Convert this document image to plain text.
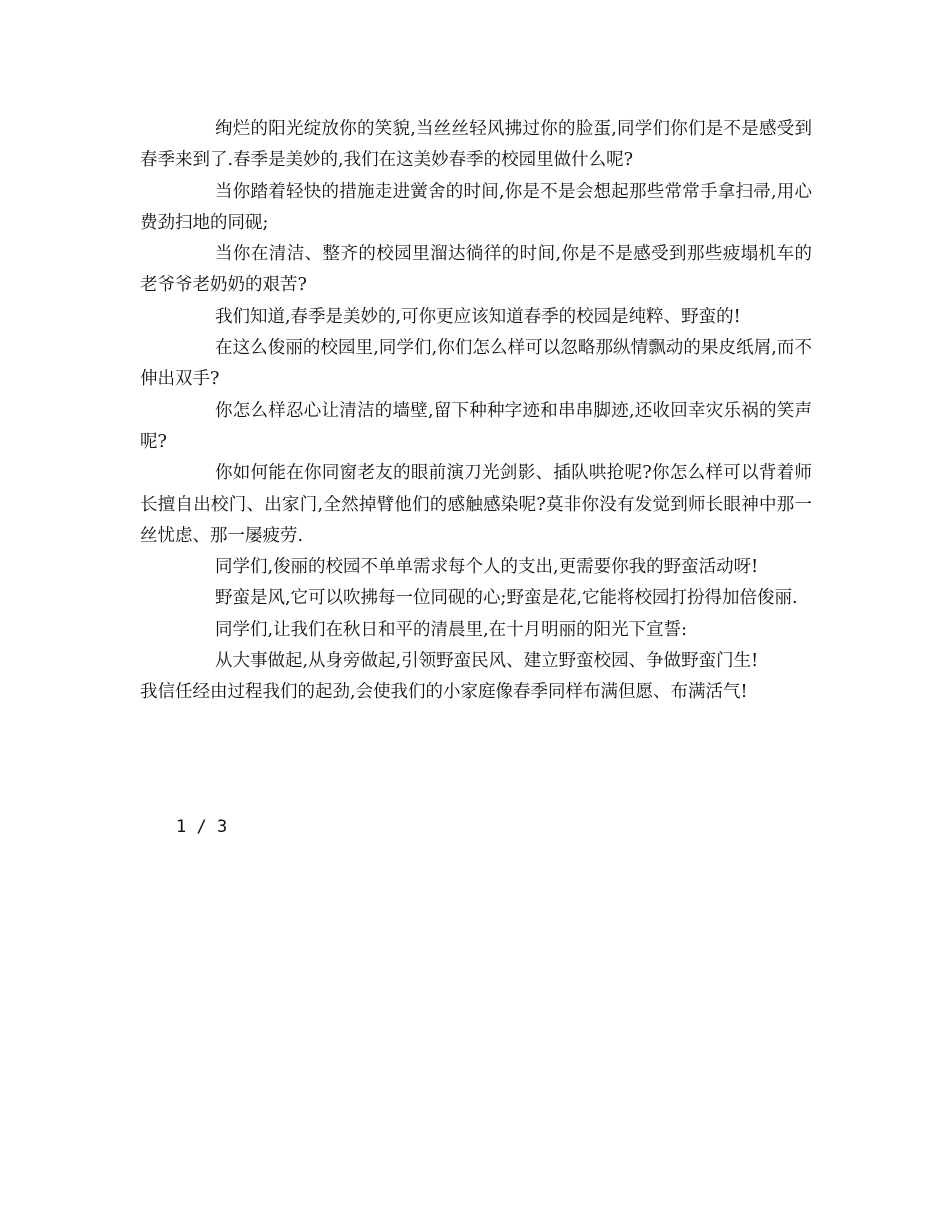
绚烂的阳光绽放你的笑貌,当丝丝轻风拂过你的脸蛋,同学们你们是不是感受到春季来到了.春季是美妙的,我们在这美妙春季的校园里做什么呢?

当你踏着轻快的措施走进黉舍的时间,你是不是会想起那些常常手拿扫帚,用心费劲扫地的同砚;

当你在清洁、整齐的校园里溜达徜徉的时间,你是不是感受到那些疲塌机车的老爷爷老奶奶的艰苦?

我们知道,春季是美妙的,可你更应该知道春季的校园是纯粹、野蛮的!

在这么俊丽的校园里,同学们,你们怎么样可以忽略那纵情飘动的果皮纸屑,而不伸出双手?

你怎么样忍心让清洁的墙壁,留下种种字迹和串串脚迹,还收回幸灾乐祸的笑声呢?

你如何能在你同窗老友的眼前演刀光剑影、插队哄抢呢?你怎么样可以背着师长擅自出校门、出家门,全然掉臂他们的感触感染呢?莫非你没有发觉到师长眼神中那一丝忧虑、那一屡疲劳.

同学们,俊丽的校园不单单需求每个人的支出,更需要你我的野蛮活动呀!

野蛮是风,它可以吹拂每一位同砚的心;野蛮是花,它能将校园打扮得加倍俊丽.

同学们,让我们在秋日和平的清晨里,在十月明丽的阳光下宣誓:

从大事做起,从身旁做起,引领野蛮民风、建立野蛮校园、争做野蛮门生!

我信任经由过程我们的起劲,会使我们的小家庭像春季同样布满但愿、布满活气!

1 / 3
